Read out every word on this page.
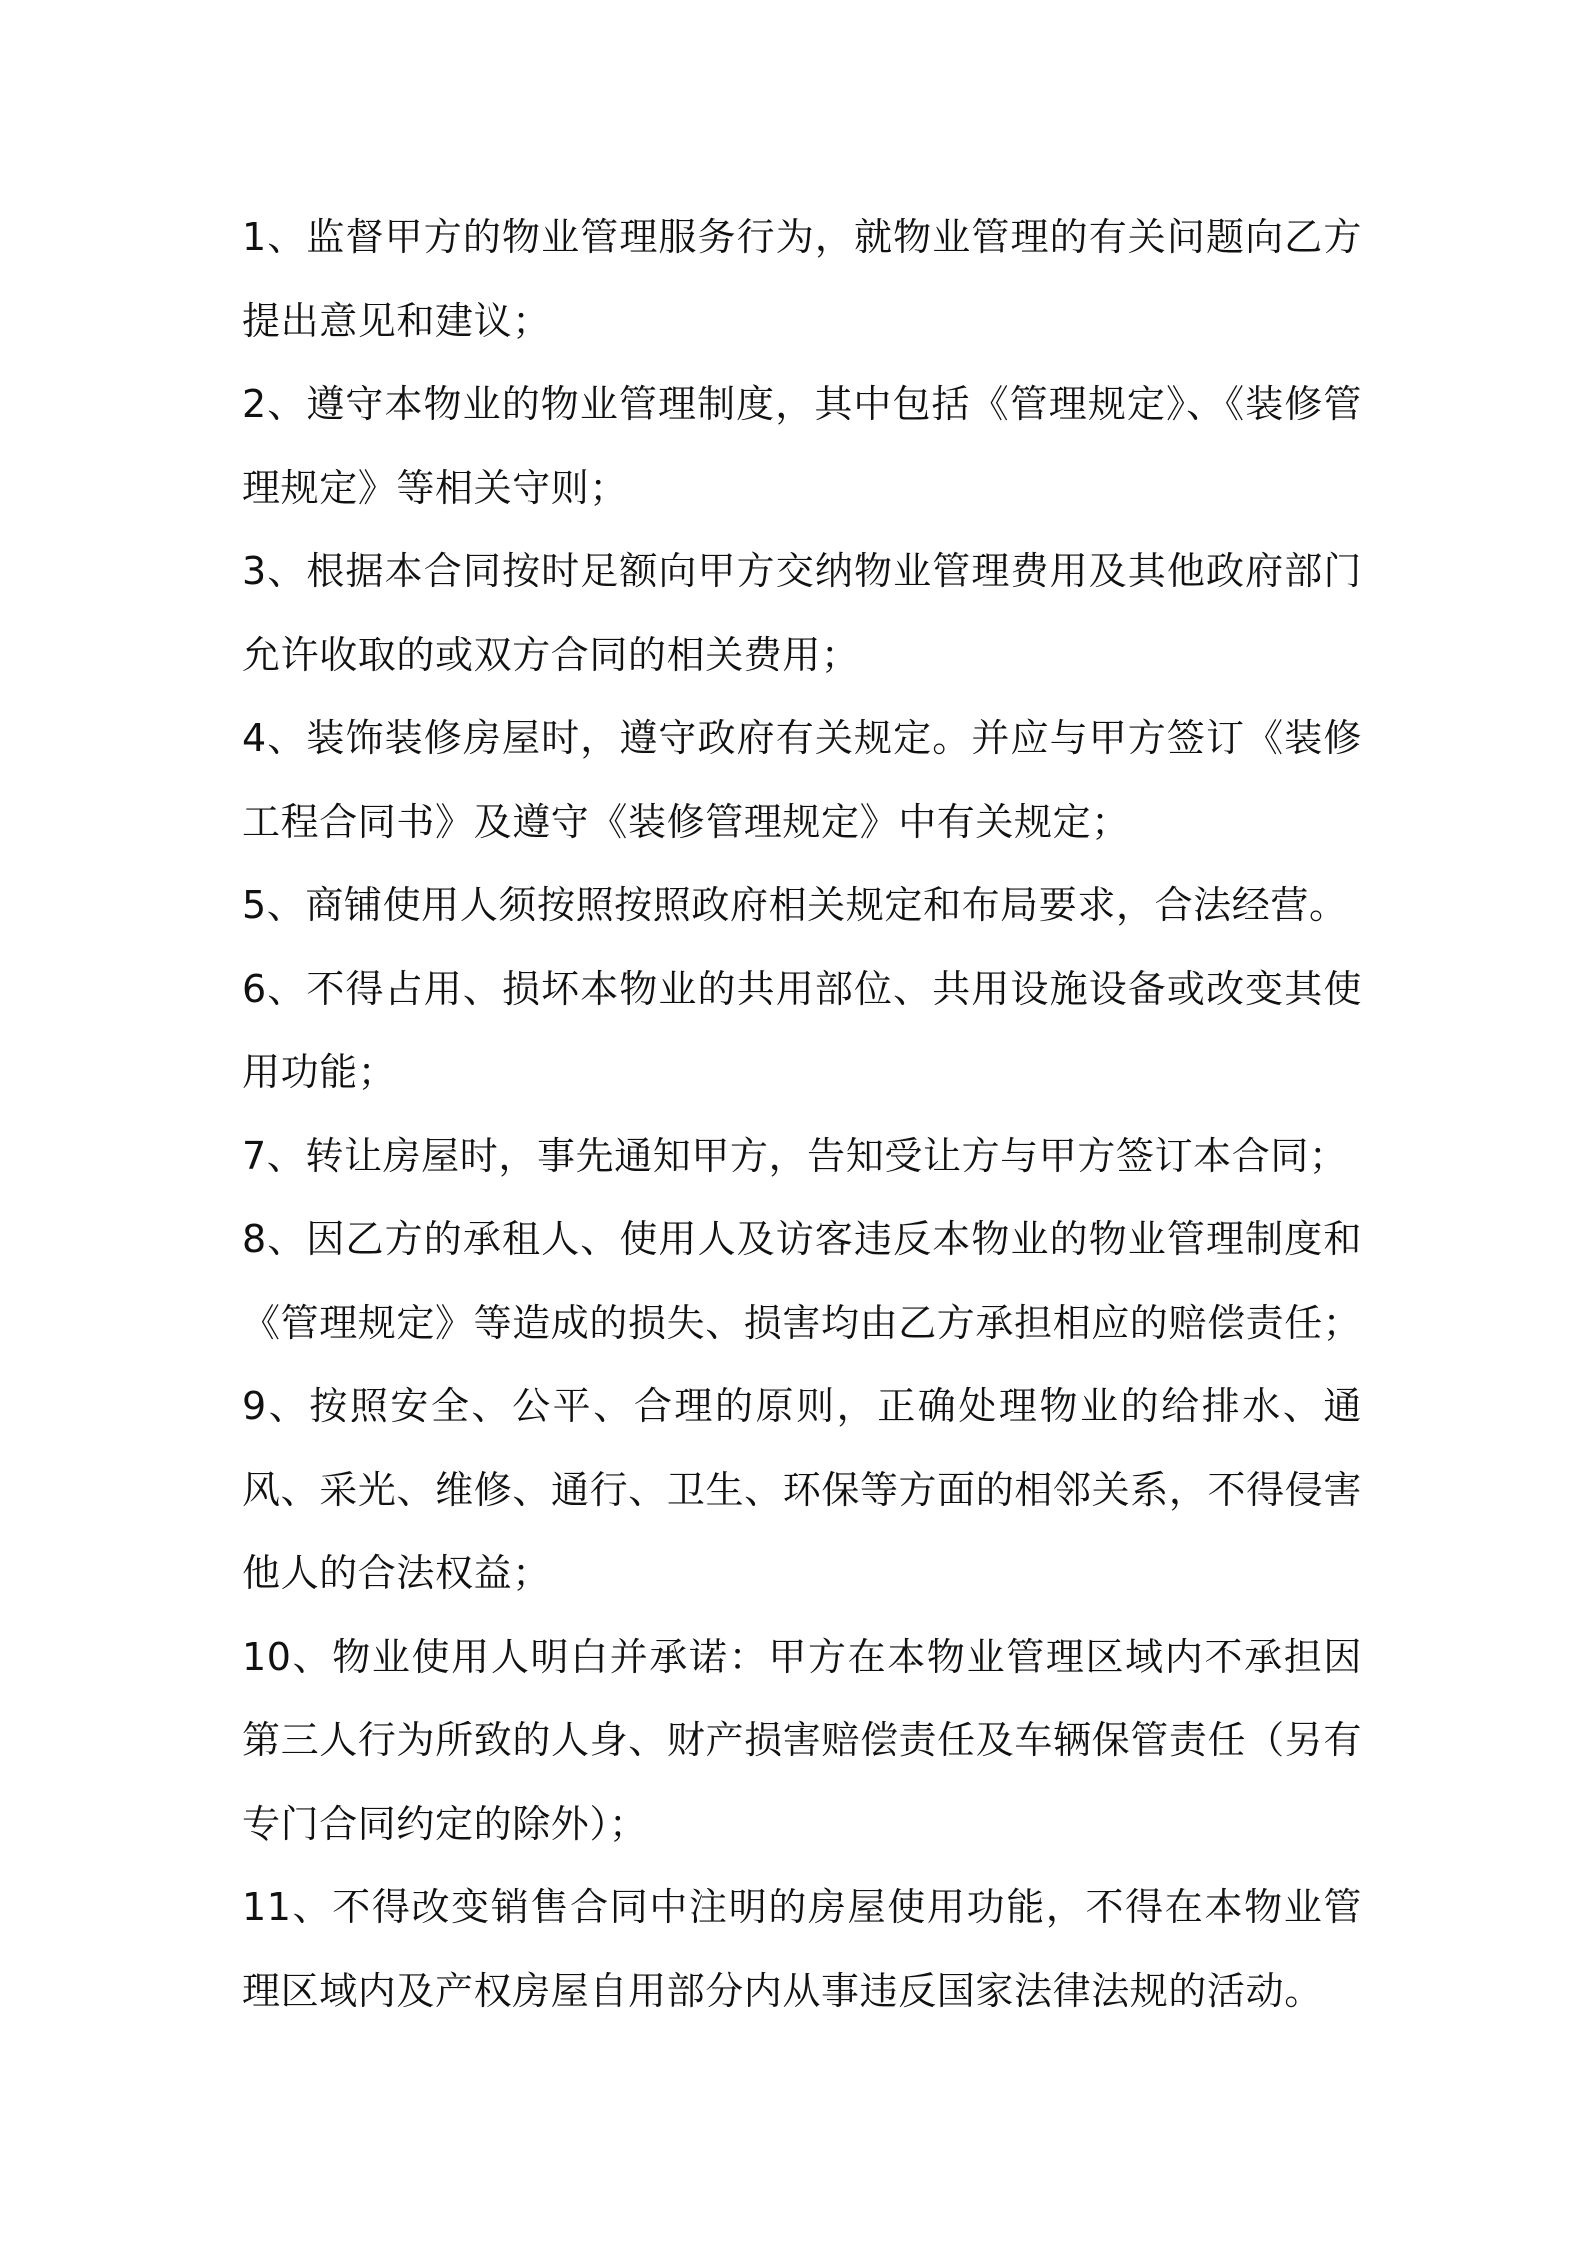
1、监督甲方的物业管理服务行为，就物业管理的有关问题向乙方提出意见和建议；

2、遵守本物业的物业管理制度，其中包括《管理规定》、《装修管理规定》等相关守则；

3、根据本合同按时足额向甲方交纳物业管理费用及其他政府部门允许收取的或双方合同的相关费用；

4、装饰装修房屋时，遵守政府有关规定。并应与甲方签订《装修工程合同书》及遵守《装修管理规定》中有关规定；

5、商铺使用人须按照按照政府相关规定和布局要求，合法经营。

6、不得占用、损坏本物业的共用部位、共用设施设备或改变其使用功能；

7、转让房屋时，事先通知甲方，告知受让方与甲方签订本合同；

8、因乙方的承租人、使用人及访客违反本物业的物业管理制度和《管理规定》等造成的损失、损害均由乙方承担相应的赔偿责任；

9、按照安全、公平、合理的原则，正确处理物业的给排水、通风、采光、维修、通行、卫生、环保等方面的相邻关系，不得侵害他人的合法权益；

10、物业使用人明白并承诺：甲方在本物业管理区域内不承担因第三人行为所致的人身、财产损害赔偿责任及车辆保管责任（另有专门合同约定的除外）；

11、不得改变销售合同中注明的房屋使用功能，不得在本物业管理区域内及产权房屋自用部分内从事违反国家法律法规的活动。
